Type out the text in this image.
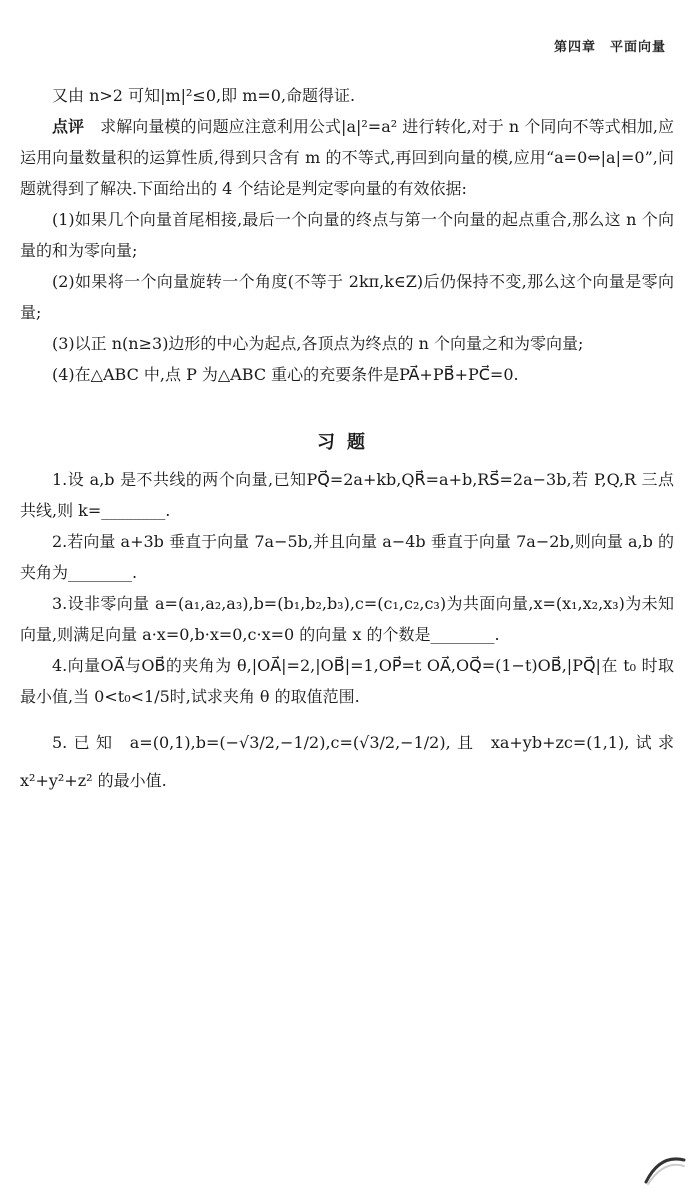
第四章　平面向量

又由 n>2 可知|m|²≤0,即 m=0,命题得证.

点评　求解向量模的问题应注意利用公式|a|²=a² 进行转化,对于 n 个同向不等式相加,应运用向量数量积的运算性质,得到只含有 m 的不等式,再回到向量的模,应用“a=0⇔|a|=0”,问题就得到了解决.下面给出的 4 个结论是判定零向量的有效依据:

(1)如果几个向量首尾相接,最后一个向量的终点与第一个向量的起点重合,那么这 n 个向量的和为零向量;

(2)如果将一个向量旋转一个角度(不等于 2kπ,k∈Z)后仍保持不变,那么这个向量是零向量;

(3)以正 n(n≥3)边形的中心为起点,各顶点为终点的 n 个向量之和为零向量;

(4)在△ABC 中,点 P 为△ABC 重心的充要条件是PA⃗+PB⃗+PC⃗=0.

习题

1.设 a,b 是不共线的两个向量,已知PQ⃗=2a+kb,QR⃗=a+b,RS⃗=2a−3b,若 P,Q,R 三点共线,则 k=________.

2.若向量 a+3b 垂直于向量 7a−5b,并且向量 a−4b 垂直于向量 7a−2b,则向量 a,b 的夹角为________.

3.设非零向量 a=(a₁,a₂,a₃),b=(b₁,b₂,b₃),c=(c₁,c₂,c₃)为共面向量,x=(x₁,x₂,x₃)为未知向量,则满足向量 a·x=0,b·x=0,c·x=0 的向量 x 的个数是________.

4.向量OA⃗与OB⃗的夹角为 θ,|OA⃗|=2,|OB⃗|=1,OP⃗=t OA⃗,OQ⃗=(1−t)OB⃗,|PQ⃗|在 t₀ 时取最小值,当 0<t₀<1/5时,试求夹角 θ 的取值范围.

5.已知 a=(0,1),b=(−√3/2,−1/2),c=(√3/2,−1/2),且 xa+yb+zc=(1,1),试求 x²+y²+z² 的最小值.
